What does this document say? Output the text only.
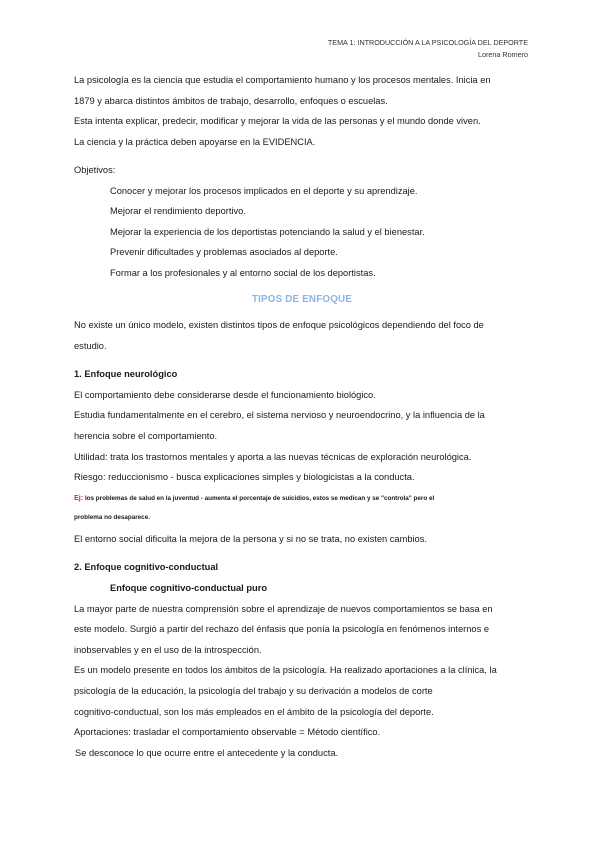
TEMA 1: INTRODUCCIÓN A LA PSICOLOGÍA DEL DEPORTE
Lorena Romero

La psicología es la ciencia que estudia el comportamiento humano y los procesos mentales. Inicia en

1879 y abarca distintos ámbitos de trabajo, desarrollo, enfoques o escuelas.

Esta intenta explicar, predecir, modificar y mejorar la vida de las personas y el mundo donde viven.

La ciencia y la práctica deben apoyarse en la EVIDENCIA.

Objetivos:

Conocer y mejorar los procesos implicados en el deporte y su aprendizaje.
Mejorar el rendimiento deportivo.
Mejorar la experiencia de los deportistas potenciando la salud y el bienestar.
Prevenir dificultades y problemas asociados al deporte.
Formar a los profesionales y al entorno social de los deportistas.
TIPOS DE ENFOQUE

No existe un único modelo, existen distintos tipos de enfoque psicológicos dependiendo del foco de

estudio.

1. Enfoque neurológico

El comportamiento debe considerarse desde el funcionamiento biológico.

Estudia fundamentalmente en el cerebro, el sistema nervioso y neuroendocrino, y la influencia de la

herencia sobre el comportamiento.

Utilidad: trata los trastornos mentales y aporta a las nuevas técnicas de exploración neurológica.

Riesgo: reduccionismo - busca explicaciones simples y biologicistas a la conducta.

Ej: los problemas de salud en la juventud - aumenta el porcentaje de suicidios, estos se medican y se "controla" pero el

problema no desaparece.

El entorno social dificulta la mejora de la persona y si no se trata, no existen cambios.

2. Enfoque cognitivo-conductual

Enfoque cognitivo-conductual puro

La mayor parte de nuestra comprensión sobre el aprendizaje de nuevos comportamientos se basa en

este modelo. Surgió a partir del rechazo del énfasis que ponía la psicología en fenómenos internos e

inobservables y en el uso de la introspección.

Es un modelo presente en todos los ámbitos de la psicología. Ha realizado aportaciones a la clínica, la

psicología de la educación, la psicología del trabajo y su derivación a modelos de corte

cognitivo-conductual, son los más empleados en el ámbito de la psicología del deporte.

Aportaciones: trasladar el comportamiento observable = Método científico.

Se desconoce lo que ocurre entre el antecedente y la conducta.
